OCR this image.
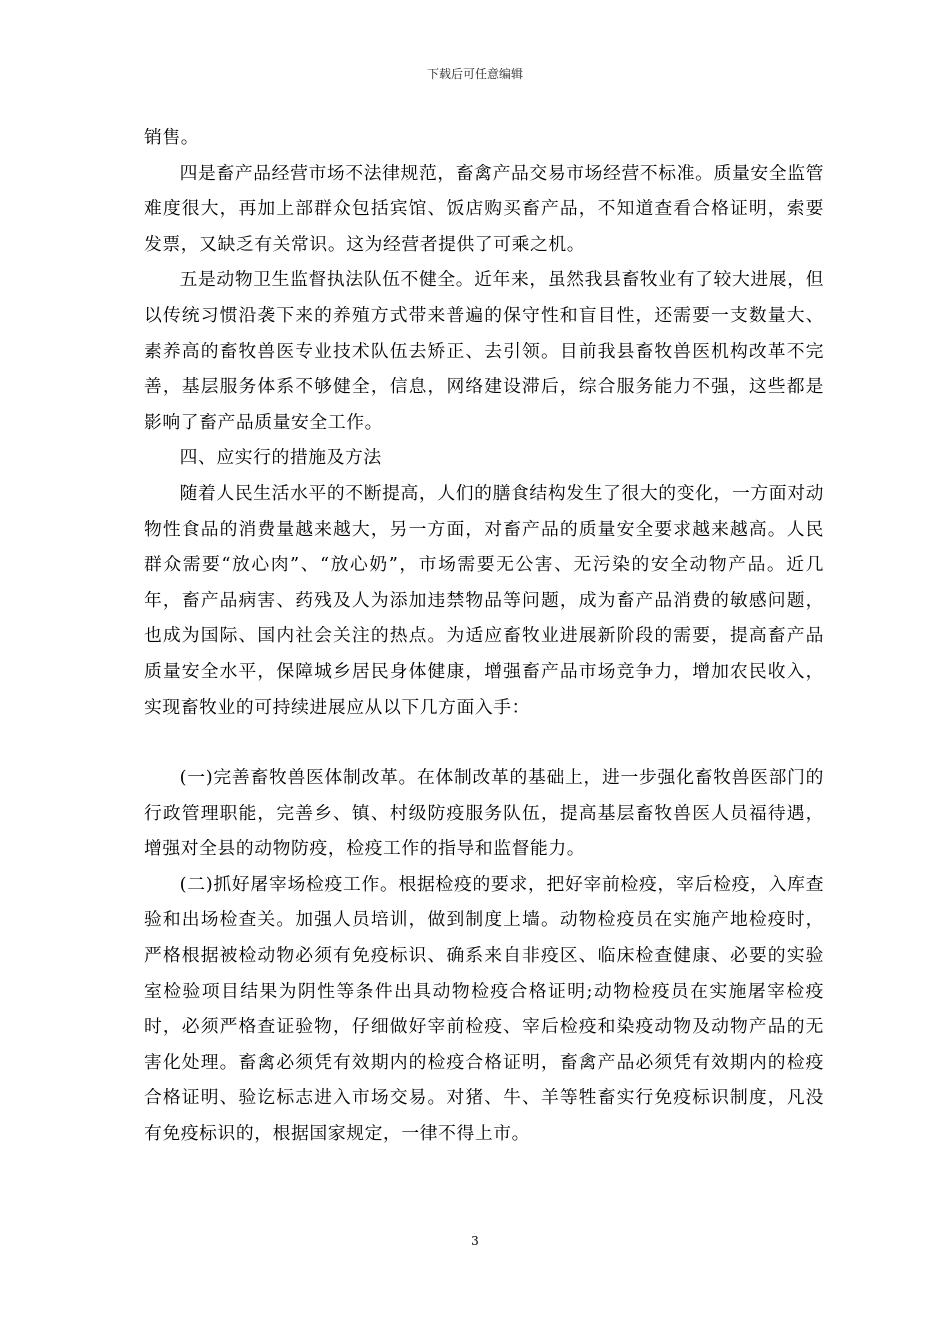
下载后可任意编辑

销售。

四是畜产品经营市场不法律规范，畜禽产品交易市场经营不标准。质量安全监管难度很大，再加上部群众包括宾馆、饭店购买畜产品，不知道查看合格证明，索要发票，又缺乏有关常识。这为经营者提供了可乘之机。

五是动物卫生监督执法队伍不健全。近年来，虽然我县畜牧业有了较大进展，但以传统习惯沿袭下来的养殖方式带来普遍的保守性和盲目性，还需要一支数量大、素养高的畜牧兽医专业技术队伍去矫正、去引领。目前我县畜牧兽医机构改革不完善，基层服务体系不够健全，信息，网络建设滞后，综合服务能力不强，这些都是影响了畜产品质量安全工作。

四、应实行的措施及方法

随着人民生活水平的不断提高，人们的膳食结构发生了很大的变化，一方面对动物性食品的消费量越来越大，另一方面，对畜产品的质量安全要求越来越高。人民群众需要“放心肉”、“放心奶”，市场需要无公害、无污染的安全动物产品。近几年，畜产品病害、药残及人为添加违禁物品等问题，成为畜产品消费的敏感问题，也成为国际、国内社会关注的热点。为适应畜牧业进展新阶段的需要，提高畜产品质量安全水平，保障城乡居民身体健康，增强畜产品市场竞争力，增加农民收入，实现畜牧业的可持续进展应从以下几方面入手：

(一)完善畜牧兽医体制改革。在体制改革的基础上，进一步强化畜牧兽医部门的行政管理职能，完善乡、镇、村级防疫服务队伍，提高基层畜牧兽医人员福待遇，增强对全县的动物防疫，检疫工作的指导和监督能力。

(二)抓好屠宰场检疫工作。根据检疫的要求，把好宰前检疫，宰后检疫，入库查验和出场检查关。加强人员培训，做到制度上墙。动物检疫员在实施产地检疫时，严格根据被检动物必须有免疫标识、确系来自非疫区、临床检查健康、必要的实验室检验项目结果为阴性等条件出具动物检疫合格证明;动物检疫员在实施屠宰检疫时，必须严格查证验物，仔细做好宰前检疫、宰后检疫和染疫动物及动物产品的无害化处理。畜禽必须凭有效期内的检疫合格证明，畜禽产品必须凭有效期内的检疫合格证明、验讫标志进入市场交易。对猪、牛、羊等牲畜实行免疫标识制度，凡没有免疫标识的，根据国家规定，一律不得上市。

3
